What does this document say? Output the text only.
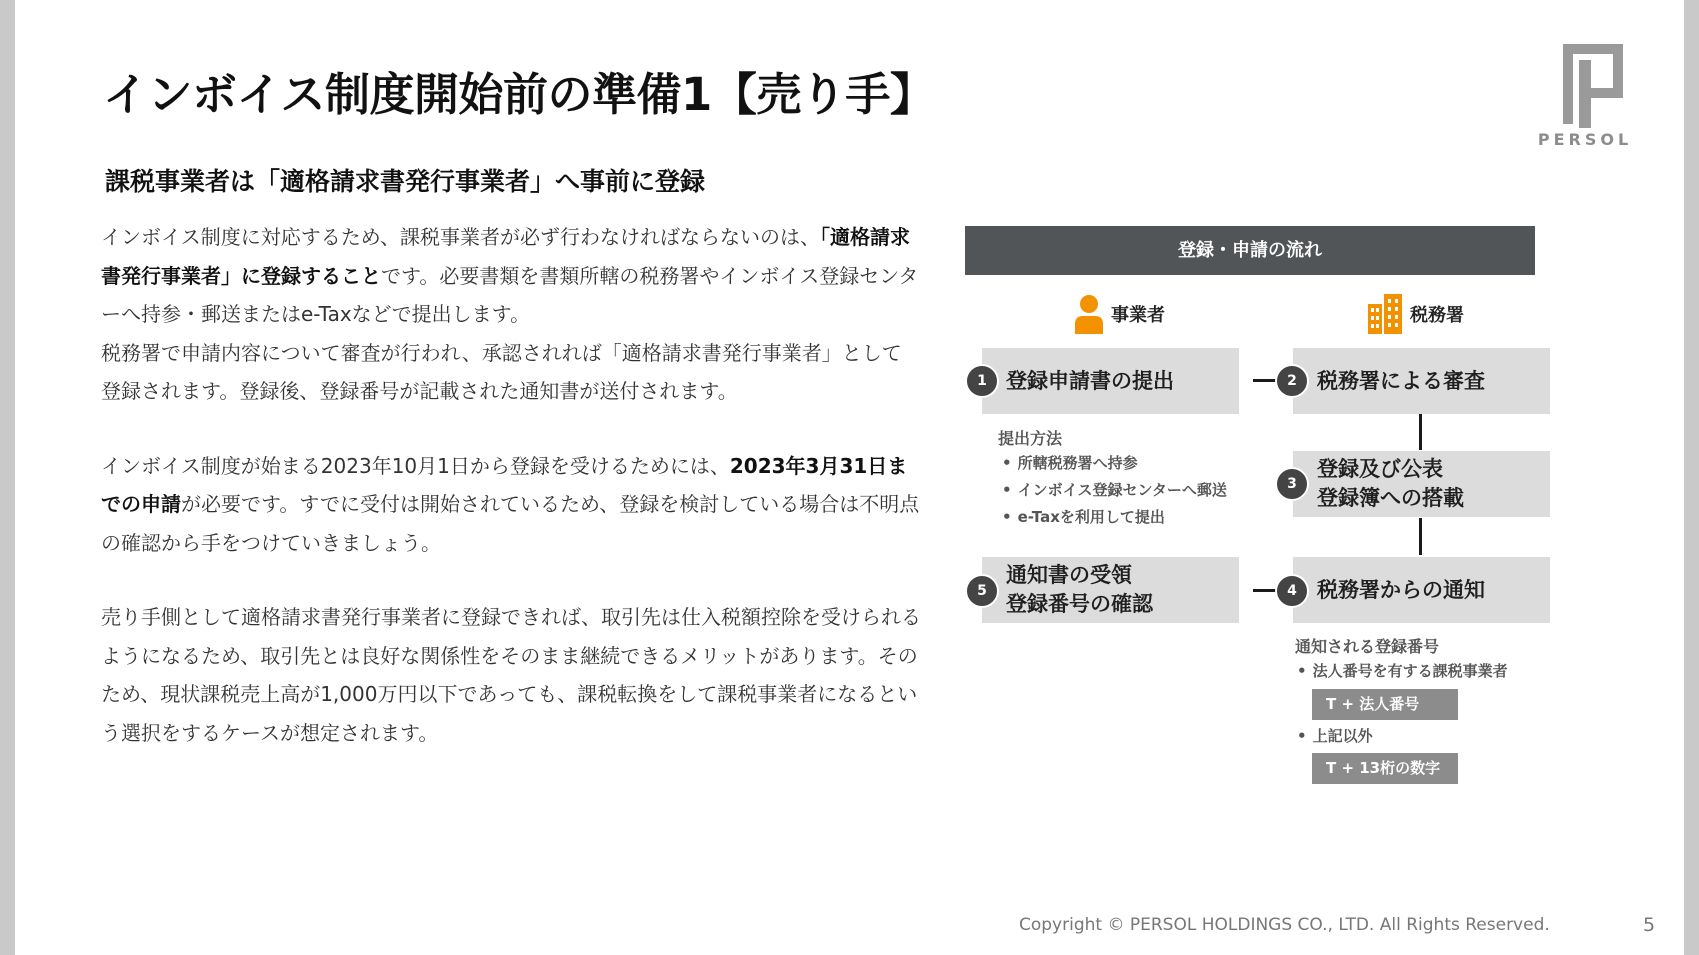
インボイス制度開始前の準備1【売り手】
課税事業者は「適格請求書発行事業者」へ事前に登録

インボイス制度に対応するため、課税事業者が必ず行わなければならないのは、「適格請求書発行事業者」に登録することです。必要書類を書類所轄の税務署やインボイス登録センターへ持参・郵送またはe-Taxなどで提出します。

税務署で申請内容について審査が行われ、承認されれば「適格請求書発行事業者」として登録されます。登録後、登録番号が記載された通知書が送付されます。

インボイス制度が始まる2023年10月1日から登録を受けるためには、2023年3月31日までの申請が必要です。すでに受付は開始されているため、登録を検討している場合は不明点の確認から手をつけていきましょう。

売り手側として適格請求書発行事業者に登録できれば、取引先は仕入税額控除を受けられるようになるため、取引先とは良好な関係性をそのまま継続できるメリットがあります。そのため、現状課税売上高が1,000万円以下であっても、課税転換をして課税事業者になるという選択をするケースが想定されます。

PERSOL
登録・申請の流れ
事業者	税務署
登録申請書の提出
1	税務署による審査
2
登録及び公表
登録簿への搭載
3
税務署からの通知
4
通知書の受領
登録番号の確認
5
提出方法
• 所轄税務署へ持参
• インボイス登録センターへ郵送
• e-Taxを利用して提出
通知される登録番号
• 法人番号を有する課税事業者
T + 法人番号
• 上記以外
T + 13桁の数字
Copyright © PERSOL HOLDINGS CO., LTD. All Rights Reserved.	5
